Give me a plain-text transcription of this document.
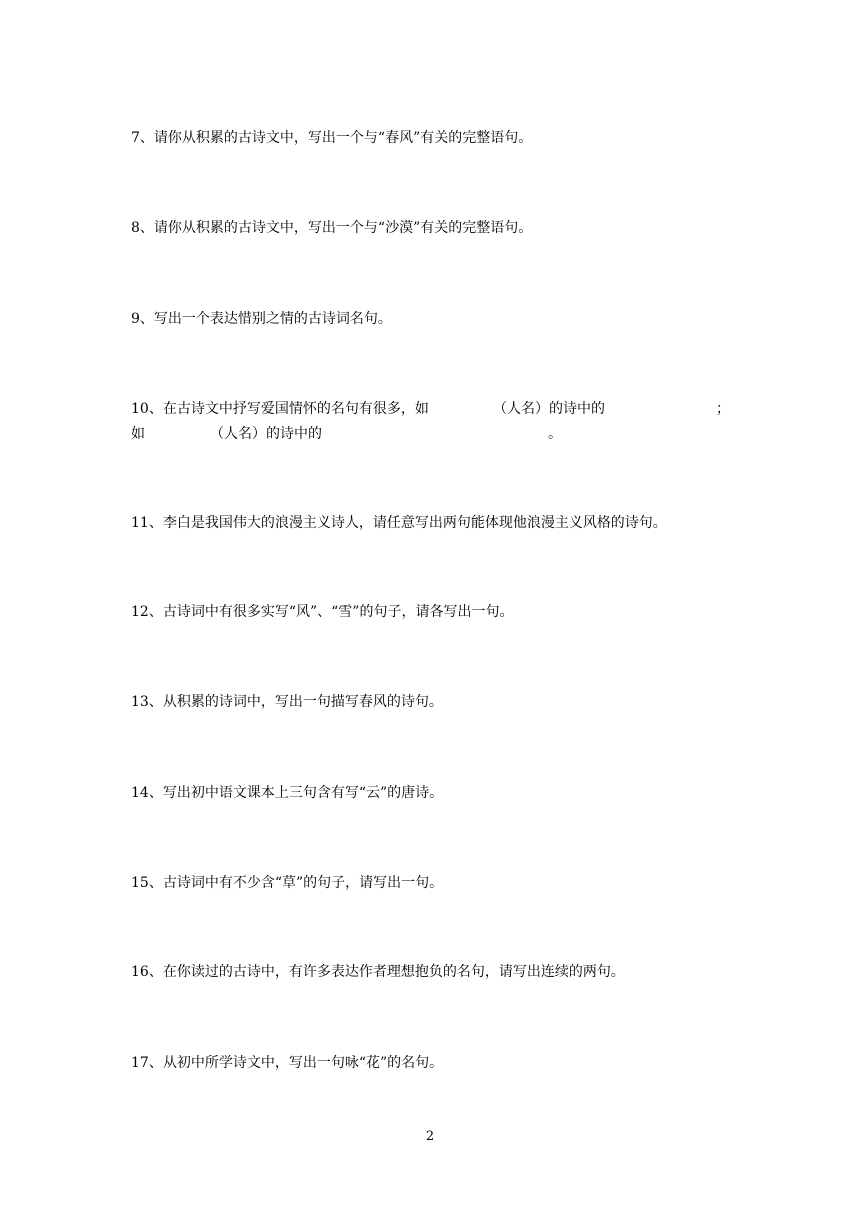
7、请你从积累的古诗文中，写出一个与“春风”有关的完整语句。
8、请你从积累的古诗文中，写出一个与“沙漠”有关的完整语句。
9、写出一个表达惜别之情的古诗词名句。
10、在古诗文中抒写爱国情怀的名句有很多，如	（人名）的诗中的	；
如	（人名）的诗中的	。
11、李白是我国伟大的浪漫主义诗人，请任意写出两句能体现他浪漫主义风格的诗句。
12、古诗词中有很多实写“风”、“雪”的句子，请各写出一句。
13、从积累的诗词中，写出一句描写春风的诗句。
14、写出初中语文课本上三句含有写“云”的唐诗。
15、古诗词中有不少含“草”的句子，请写出一句。
16、在你读过的古诗中，有许多表达作者理想抱负的名句，请写出连续的两句。
17、从初中所学诗文中，写出一句咏“花”的名句。
2
